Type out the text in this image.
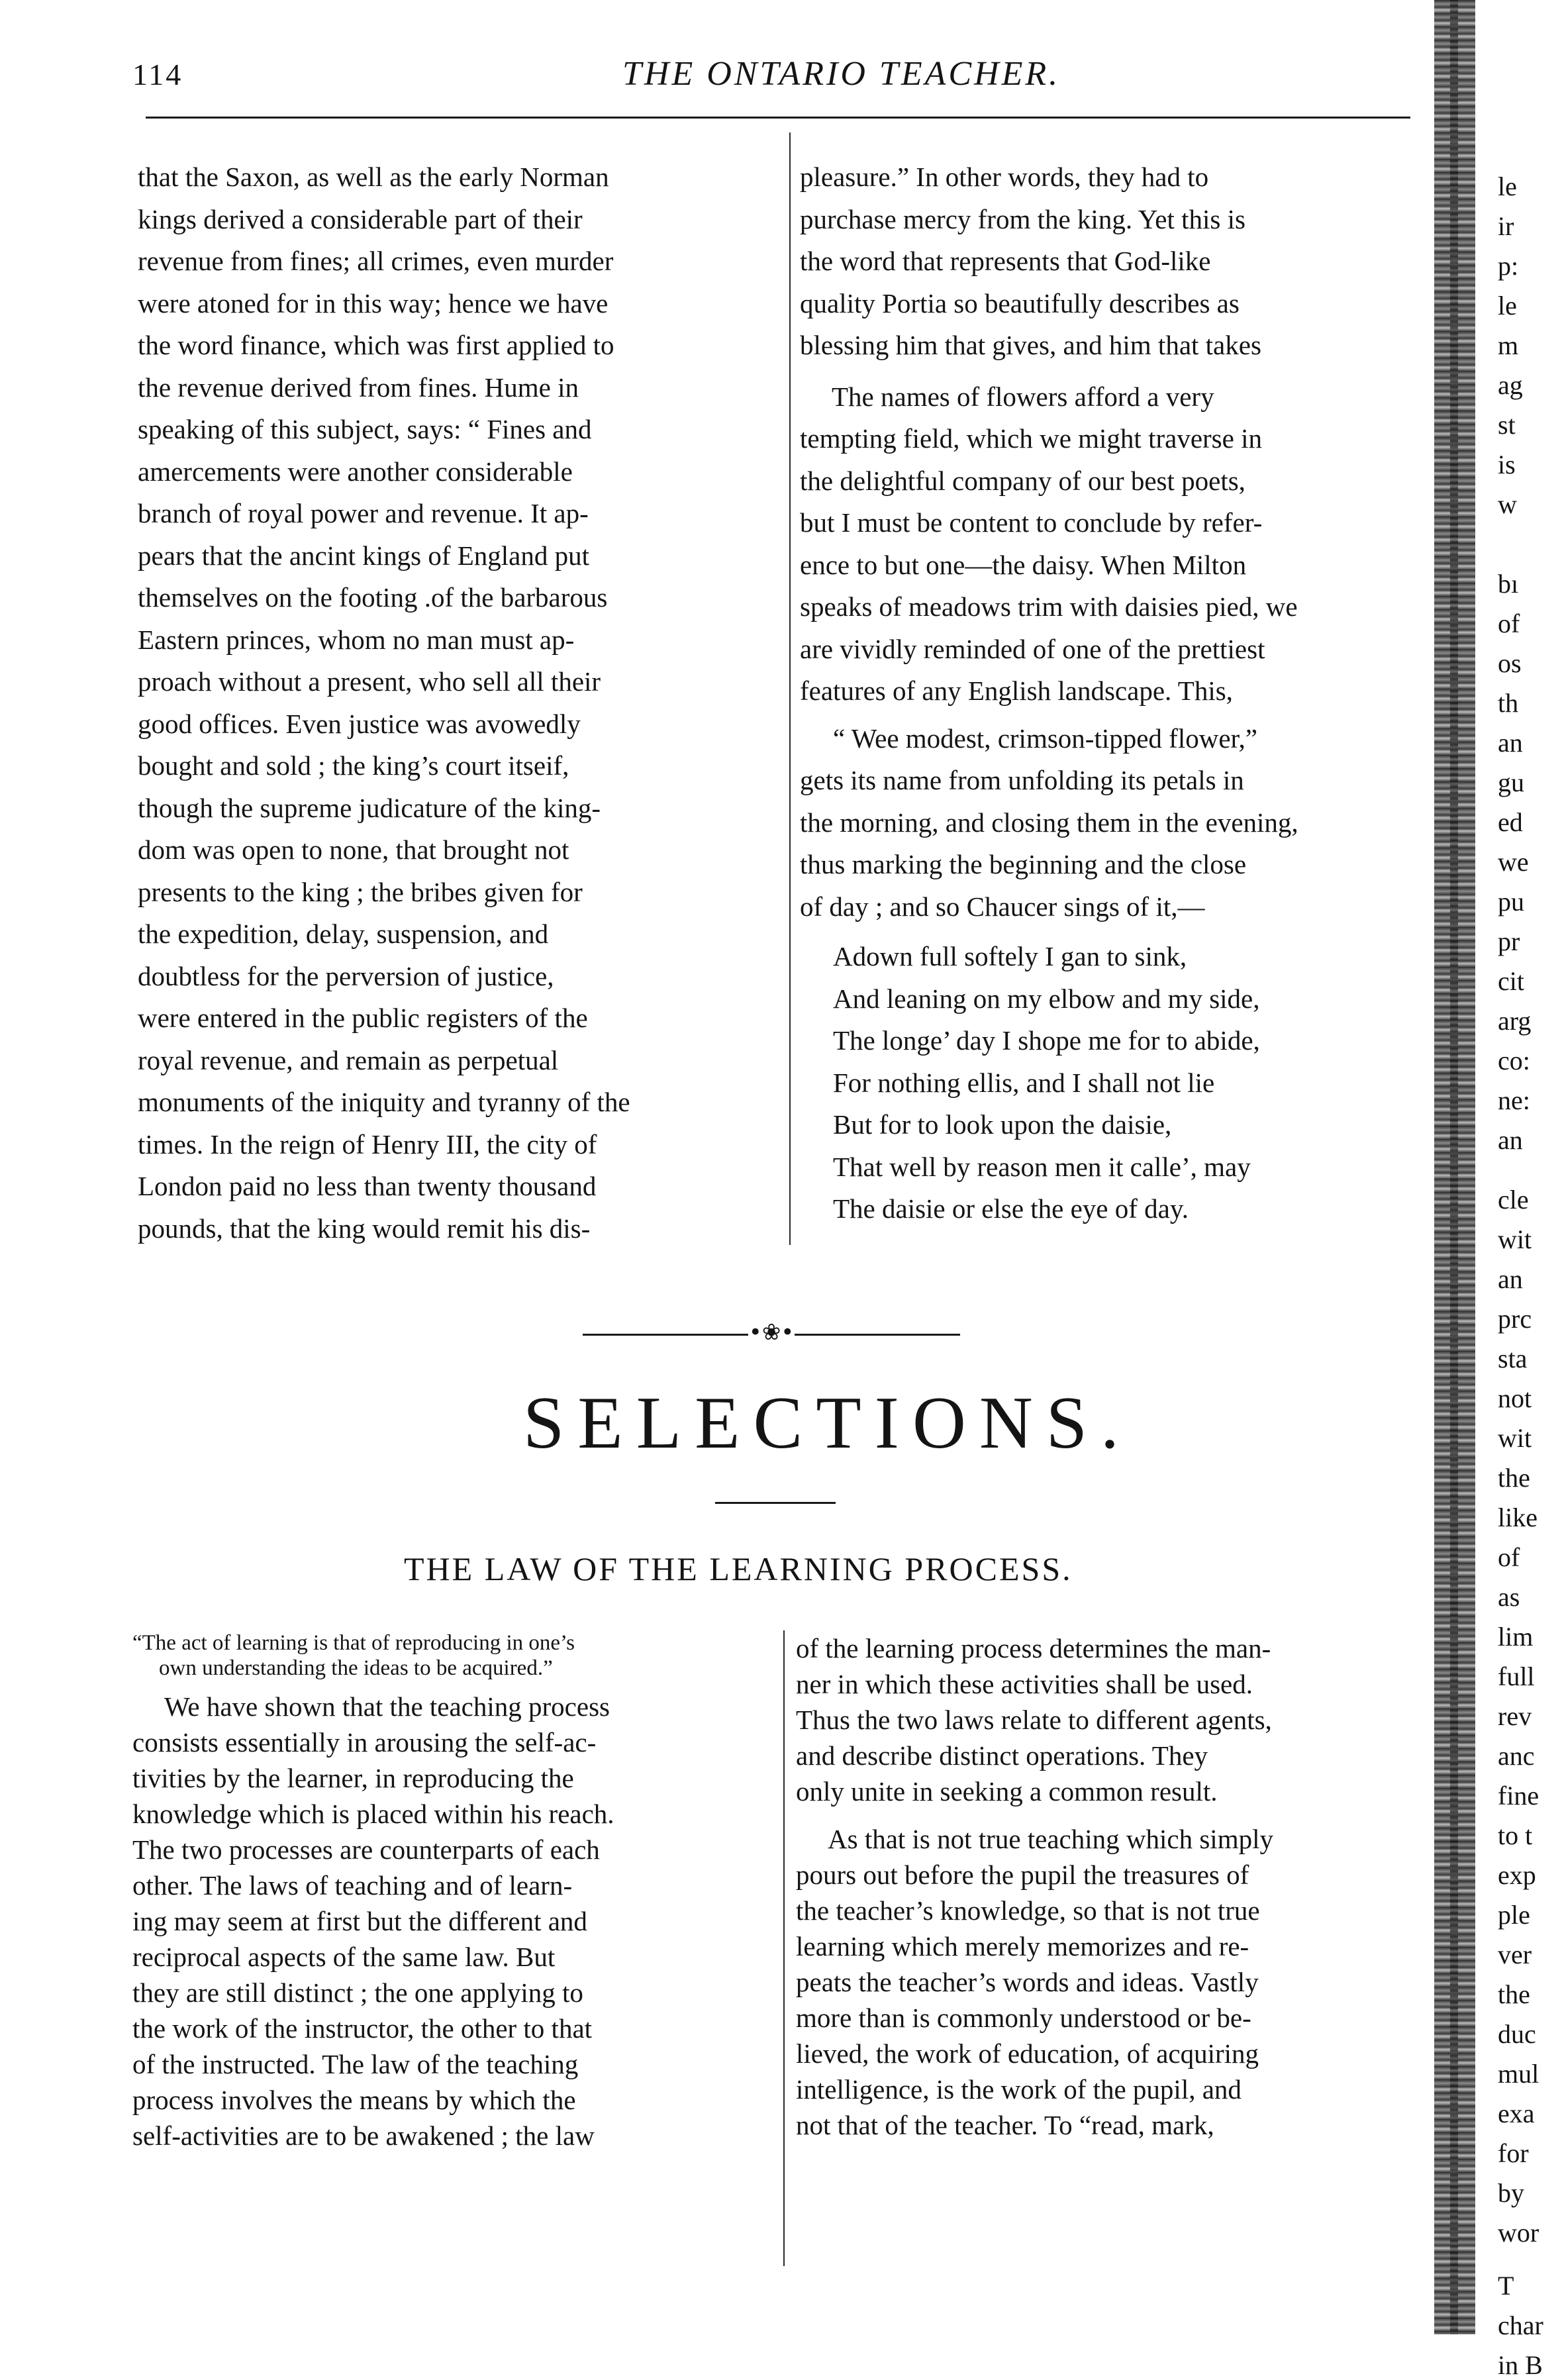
114	THE ONTARIO TEACHER.

that the Saxon, as well as the early Norman
kings derived a considerable part of their
revenue from fines; all crimes, even murder
were atoned for in this way; hence we have
the word finance, which was first applied to
the revenue derived from fines. Hume in
speaking of this subject, says: “ Fines and
amercements were another considerable
branch of royal power and revenue. It ap-
pears that the ancint kings of England put
themselves on the footing .of the barbarous
Eastern princes, whom no man must ap-
proach without a present, who sell all their
good offices. Even justice was avowedly
bought and sold ; the king’s court itseif,
though the supreme judicature of the king-
dom was open to none, that brought not
presents to the king ; the bribes given for
the expedition, delay, suspension, and
doubtless for the perversion of justice,
were entered in the public registers of the
royal revenue, and remain as perpetual
monuments of the iniquity and tyranny of the
times. In the reign of Henry III, the city of
London paid no less than twenty thousand
pounds, that the king would remit his dis-

pleasure.” In other words, they had to
purchase mercy from the king. Yet this is
the word that represents that God-like
quality Portia so beautifully describes as
blessing him that gives, and him that takes

The names of flowers afford a very
tempting field, which we might traverse in
the delightful company of our best poets,
but I must be content to conclude by refer-
ence to but one—the daisy. When Milton
speaks of meadows trim with daisies pied, we
are vividly reminded of one of the prettiest
features of any English landscape. This,

“ Wee modest, crimson-tipped flower,”

gets its name from unfolding its petals in
the morning, and closing them in the evening,
thus marking the beginning and the close
of day ; and so Chaucer sings of it,—

Adown full softely I gan to sink,
And leaning on my elbow and my side,
The longe’ day I shope me for to abide,
For nothing ellis, and I shall not lie
But for to look upon the daisie,
That well by reason men it calle’, may
The daisie or else the eye of day.
•❀•
SELECTIONS.
THE LAW OF THE LEARNING PROCESS.
“The act of learning is that of reproducing in one’s
own understanding the ideas to be acquired.”

We have shown that the teaching process
consists essentially in arousing the self-ac-
tivities by the learner, in reproducing the
knowledge which is placed within his reach.
The two processes are counterparts of each
other. The laws of teaching and of learn-
ing may seem at first but the different and
reciprocal aspects of the same law. But
they are still distinct ; the one applying to
the work of the instructor, the other to that
of the instructed. The law of the teaching
process involves the means by which the
self-activities are to be awakened ; the law

of the learning process determines the man-
ner in which these activities shall be used.
Thus the two laws relate to different agents,
and describe distinct operations. They
only unite in seeking a common result.

As that is not true teaching which simply
pours out before the pupil the treasures of
the teacher’s knowledge, so that is not true
learning which merely memorizes and re-
peats the teacher’s words and ideas. Vastly
more than is commonly understood or be-
lieved, the work of education, of acquiring
intelligence, is the work of the pupil, and
not that of the teacher. To “read, mark,

le
ir
p:
le
m
ag
st
is
w
bı
of
os
th
an
gu
ed
we
pu
pr
cit
arg
co:
ne:
an
cle
wit
an
prc
sta
not
wit
the
like
of
as
lim
full
rev
anc
fine
to t
exp
ple
ver
the
duc
mul
exa
for
by
wor
T
char
in B
